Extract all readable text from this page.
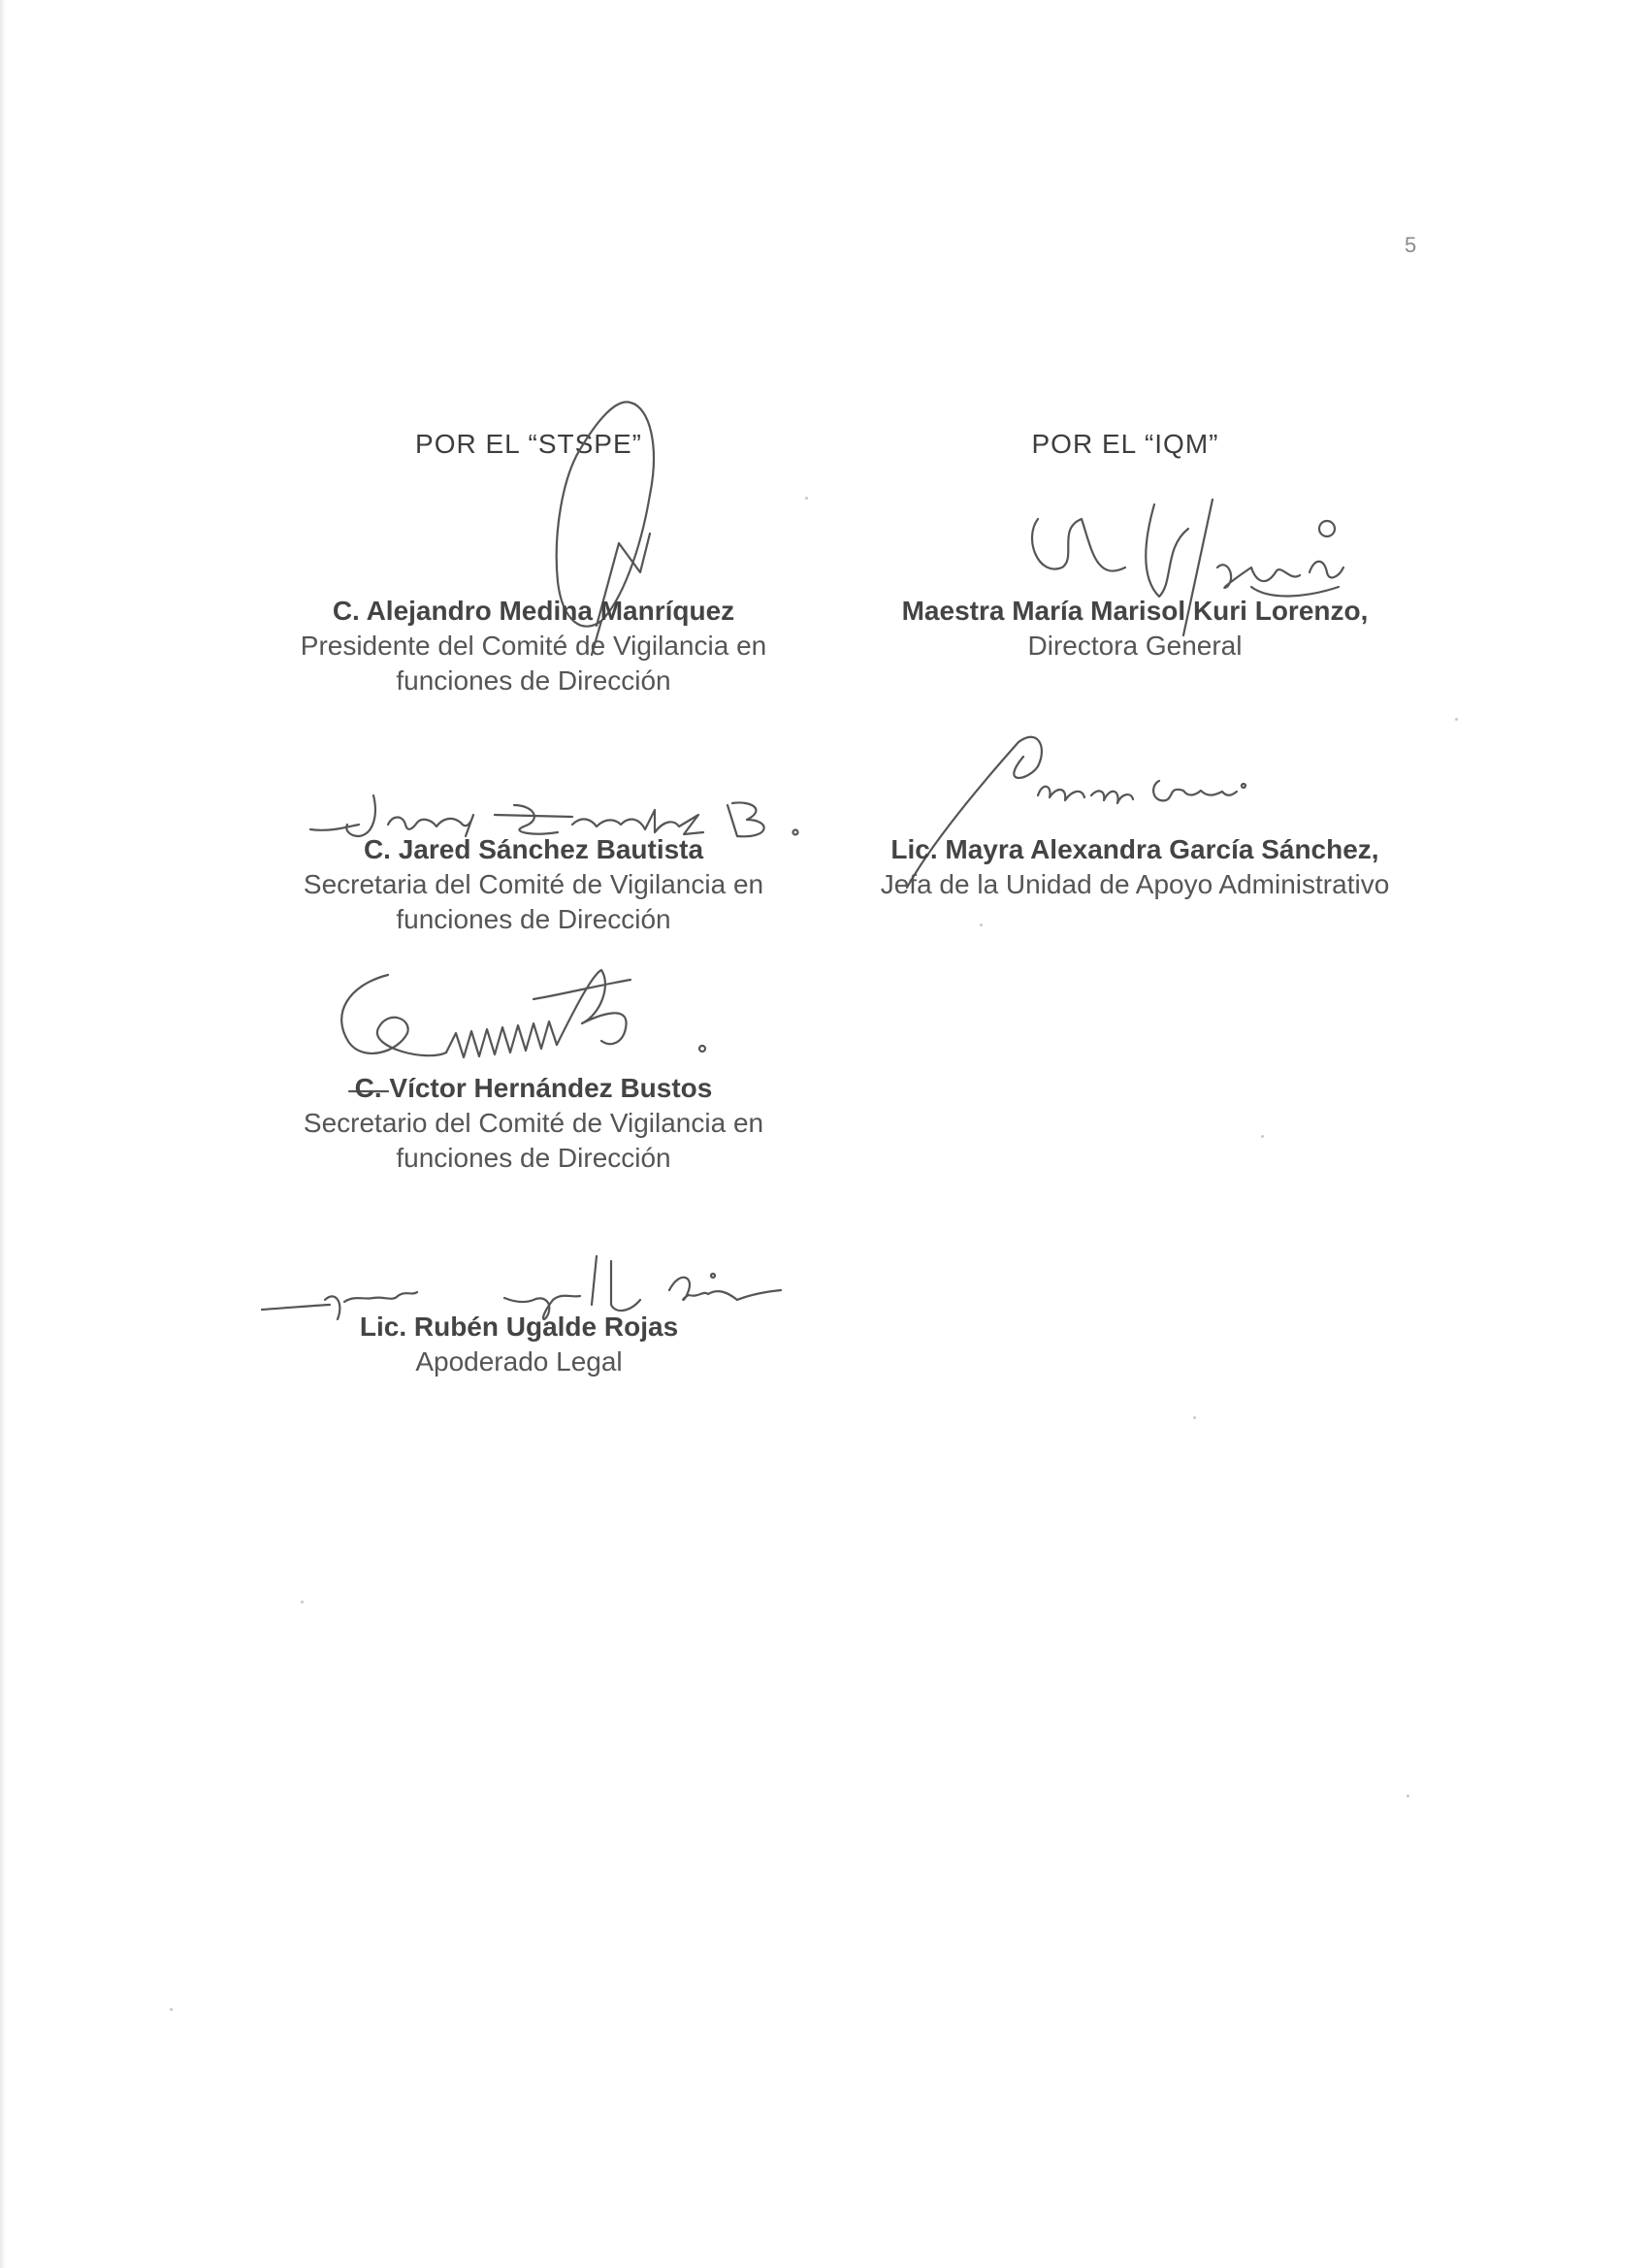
5
POR EL “STSPE”	POR EL “IQM”
C. Alejandro Medina Manríquez
Presidente del Comité de Vigilancia en
funciones de Dirección
Maestra María Marisol Kuri Lorenzo,
Directora General
C. Jared Sánchez Bautista
Secretaria del Comité de Vigilancia en
funciones de Dirección
Lic. Mayra Alexandra García Sánchez,
Jefa de la Unidad de Apoyo Administrativo
C. Víctor Hernández Bustos
Secretario del Comité de Vigilancia en
funciones de Dirección
Lic. Rubén Ugalde Rojas
Apoderado Legal
